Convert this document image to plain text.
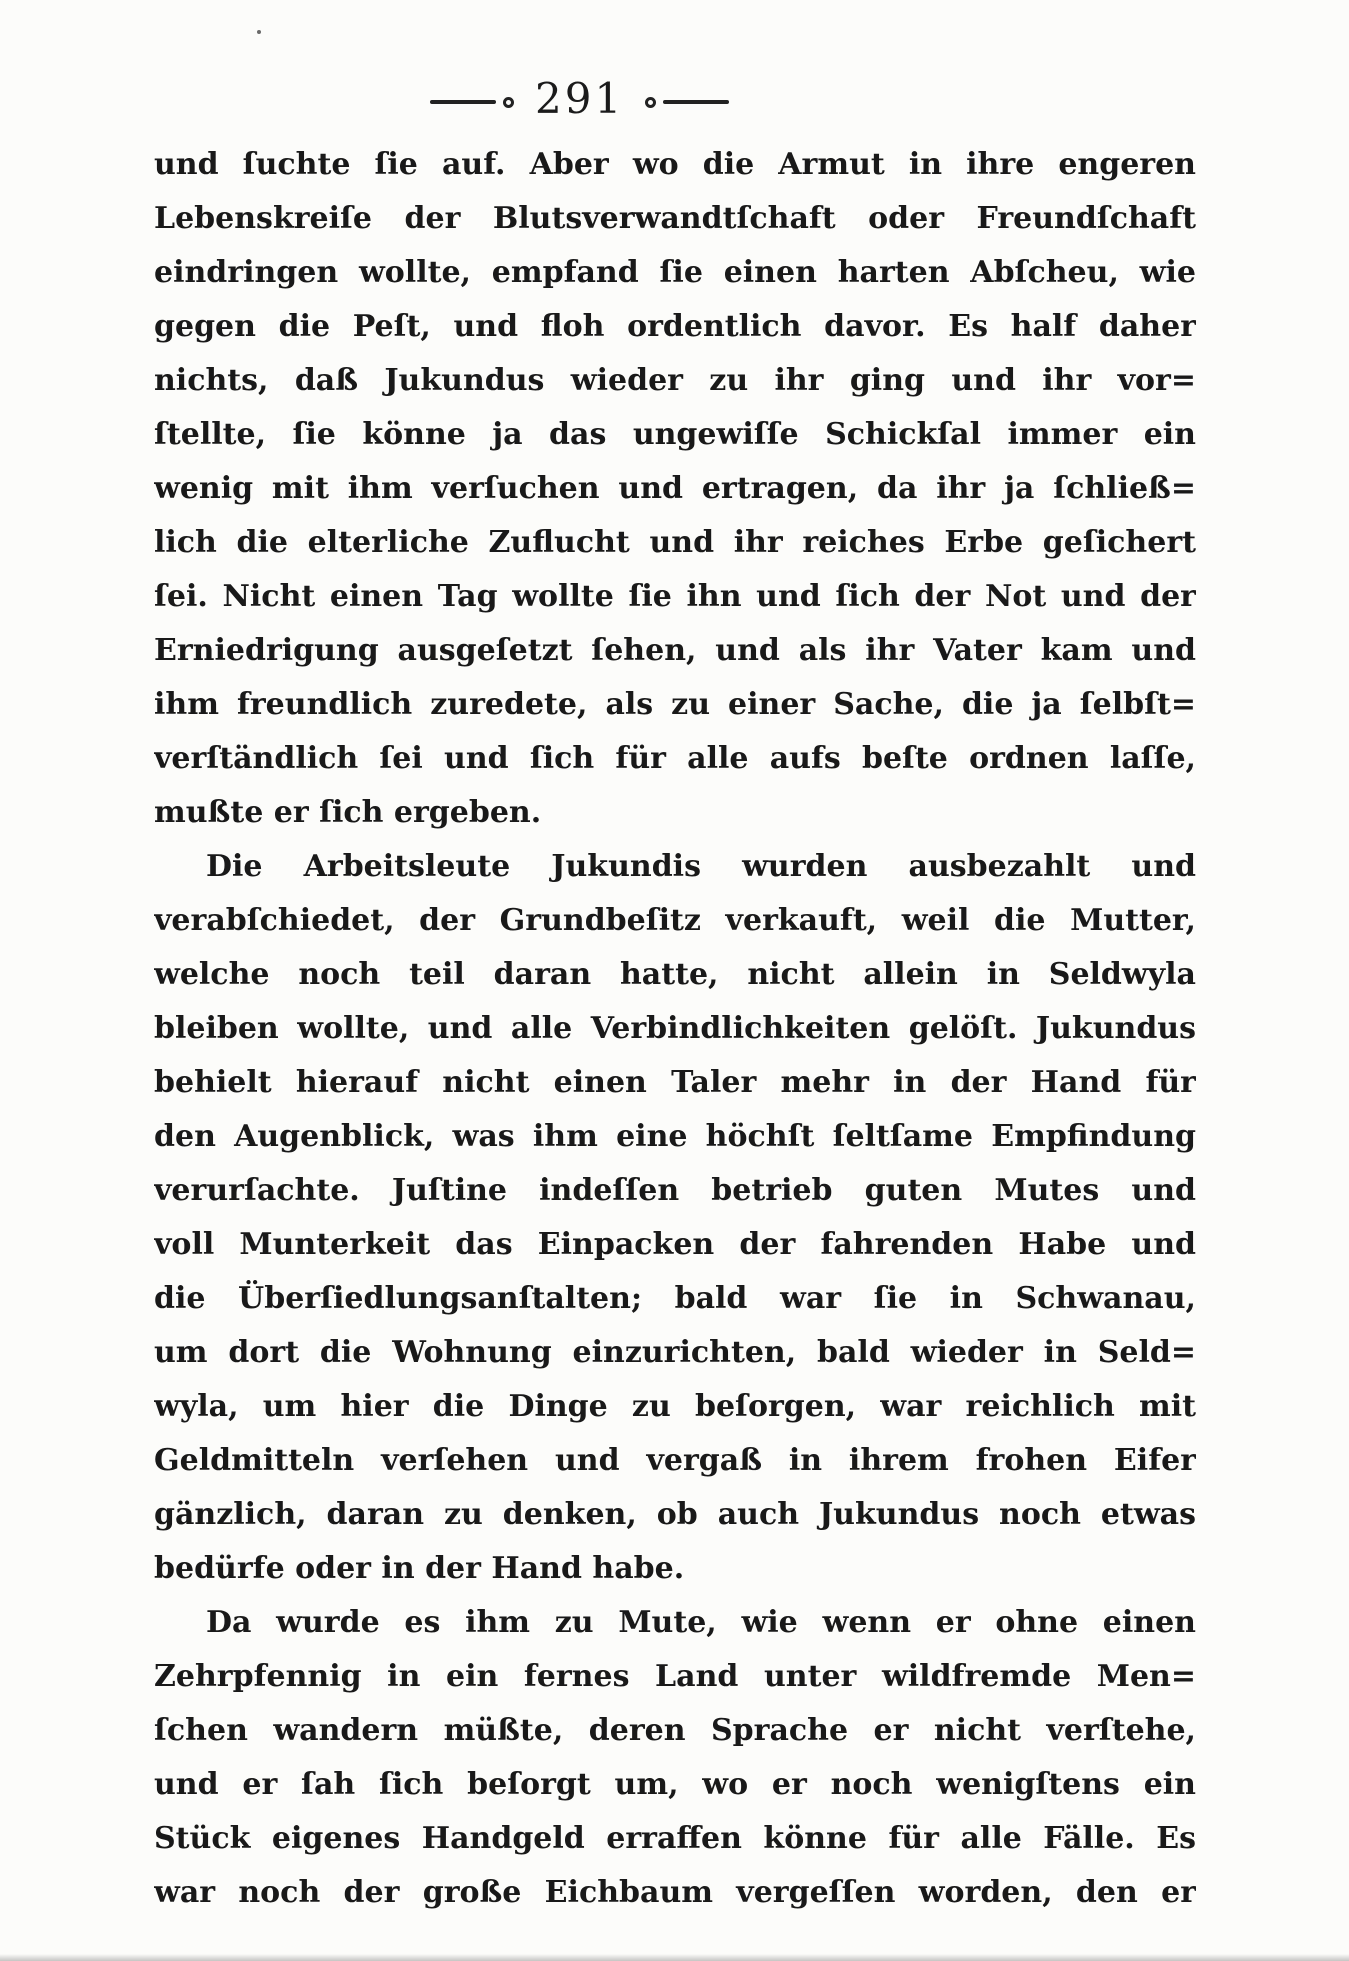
291
und ſuchte ſie auf. Aber wo die Armut in ihre engeren
Lebenskreiſe der Blutsverwandtſchaft oder Freundſchaft
eindringen wollte, empfand ſie einen harten Abſcheu, wie
gegen die Peſt, und floh ordentlich davor. Es half daher
nichts, daß Jukundus wieder zu ihr ging und ihr vor=
ſtellte, ſie könne ja das ungewiſſe Schickſal immer ein
wenig mit ihm verſuchen und ertragen, da ihr ja ſchließ=
lich die elterliche Zuflucht und ihr reiches Erbe geſichert
ſei. Nicht einen Tag wollte ſie ihn und ſich der Not und der
Erniedrigung ausgeſetzt ſehen, und als ihr Vater kam und
ihm freundlich zuredete, als zu einer Sache, die ja ſelbſt=
verſtändlich ſei und ſich für alle aufs beſte ordnen laſſe,
mußte er ſich ergeben.
Die Arbeitsleute Jukundis wurden ausbezahlt und
verabſchiedet, der Grundbeſitz verkauft, weil die Mutter,
welche noch teil daran hatte, nicht allein in Seldwyla
bleiben wollte, und alle Verbindlichkeiten gelöſt. Jukundus
behielt hierauf nicht einen Taler mehr in der Hand für
den Augenblick, was ihm eine höchſt ſeltſame Empfindung
verurſachte. Juſtine indeſſen betrieb guten Mutes und
voll Munterkeit das Einpacken der fahrenden Habe und
die Überſiedlungsanſtalten; bald war ſie in Schwanau,
um dort die Wohnung einzurichten, bald wieder in Seld=
wyla, um hier die Dinge zu beſorgen, war reichlich mit
Geldmitteln verſehen und vergaß in ihrem frohen Eifer
gänzlich, daran zu denken, ob auch Jukundus noch etwas
bedürfe oder in der Hand habe.
Da wurde es ihm zu Mute, wie wenn er ohne einen
Zehrpfennig in ein fernes Land unter wildfremde Men=
ſchen wandern müßte, deren Sprache er nicht verſtehe,
und er ſah ſich beſorgt um, wo er noch wenigſtens ein
Stück eigenes Handgeld erraffen könne für alle Fälle. Es
war noch der große Eichbaum vergeſſen worden, den er
